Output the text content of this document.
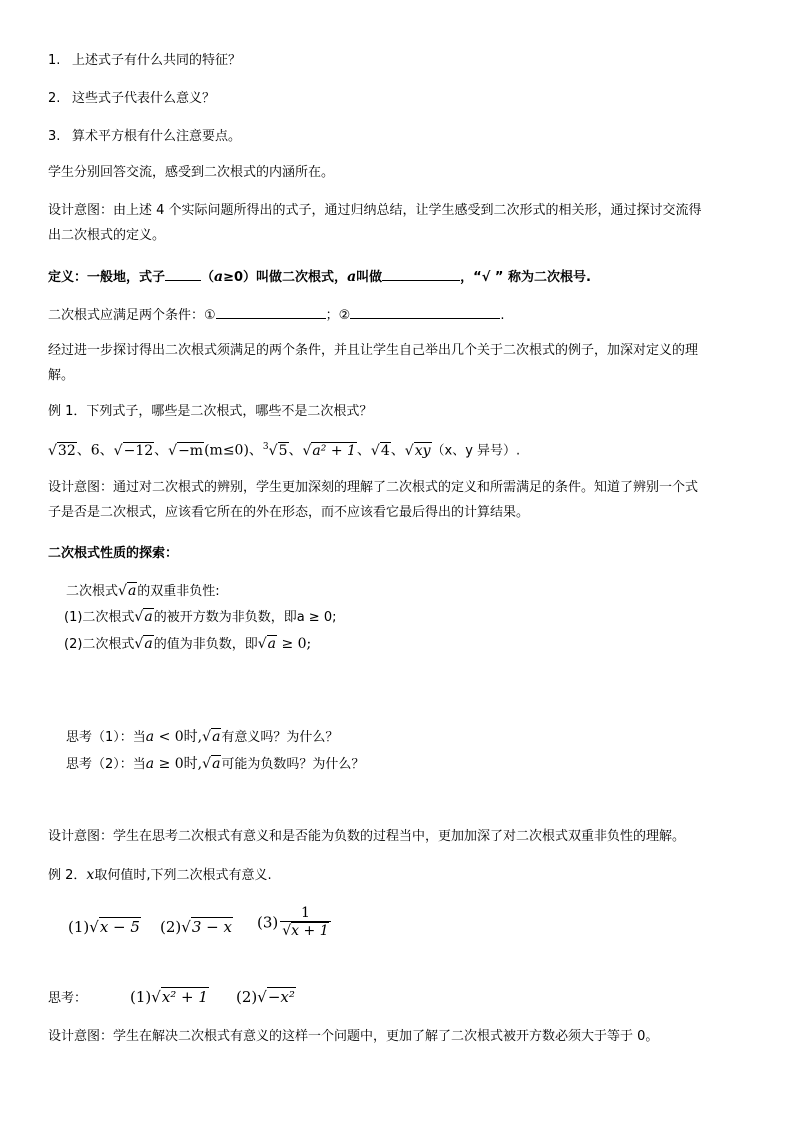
1. 上述式子有什么共同的特征？
2. 这些式子代表什么意义？
3. 算术平方根有什么注意要点。
学生分别回答交流，感受到二次根式的内涵所在。
设计意图：由上述 4 个实际问题所得出的式子，通过归纳总结，让学生感受到二次形式的相关形，通过探讨交流得
出二次根式的定义。
定义：一般地，式子	（a≥0）叫做二次根式，a叫做	，“√ ” 称为二次根号.
二次根式应满足两个条件：①	；②	.
经过进一步探讨得出二次根式须满足的两个条件，并且让学生自己举出几个关于二次根式的例子，加深对定义的理
解。
例 1．下列式子，哪些是二次根式，哪些不是二次根式？
√32、6、√−12、√−m(m≤0)、$^3$√5、√a² + 1、√4、√xy（x、y 异号）.
设计意图：通过对二次根式的辨别，学生更加深刻的理解了二次根式的定义和所需满足的条件。知道了辨别一个式
子是否是二次根式，应该看它所在的外在形态，而不应该看它最后得出的计算结果。
二次根式性质的探索：
二次根式√a的双重非负性:
(1)二次根式√a的被开方数为非负数，即a ≥ 0;
(2)二次根式√a的值为非负数，即√a ≥ 0;
思考（1）：当a < 0时,√a有意义吗？为什么？
思考（2）：当a ≥ 0时,√a可能为负数吗？为什么？
设计意图：学生在思考二次根式有意义和是否能为负数的过程当中，更加加深了对二次根式双重非负性的理解。
例 2．x取何值时,下列二次根式有意义.
(1)√x − 5 (2)√3 − x $(3) \frac{1}{√x + 1}$
思考：	(1)√x² + 1 (2)√−x²
设计意图：学生在解决二次根式有意义的这样一个问题中，更加了解了二次根式被开方数必须大于等于 0。
